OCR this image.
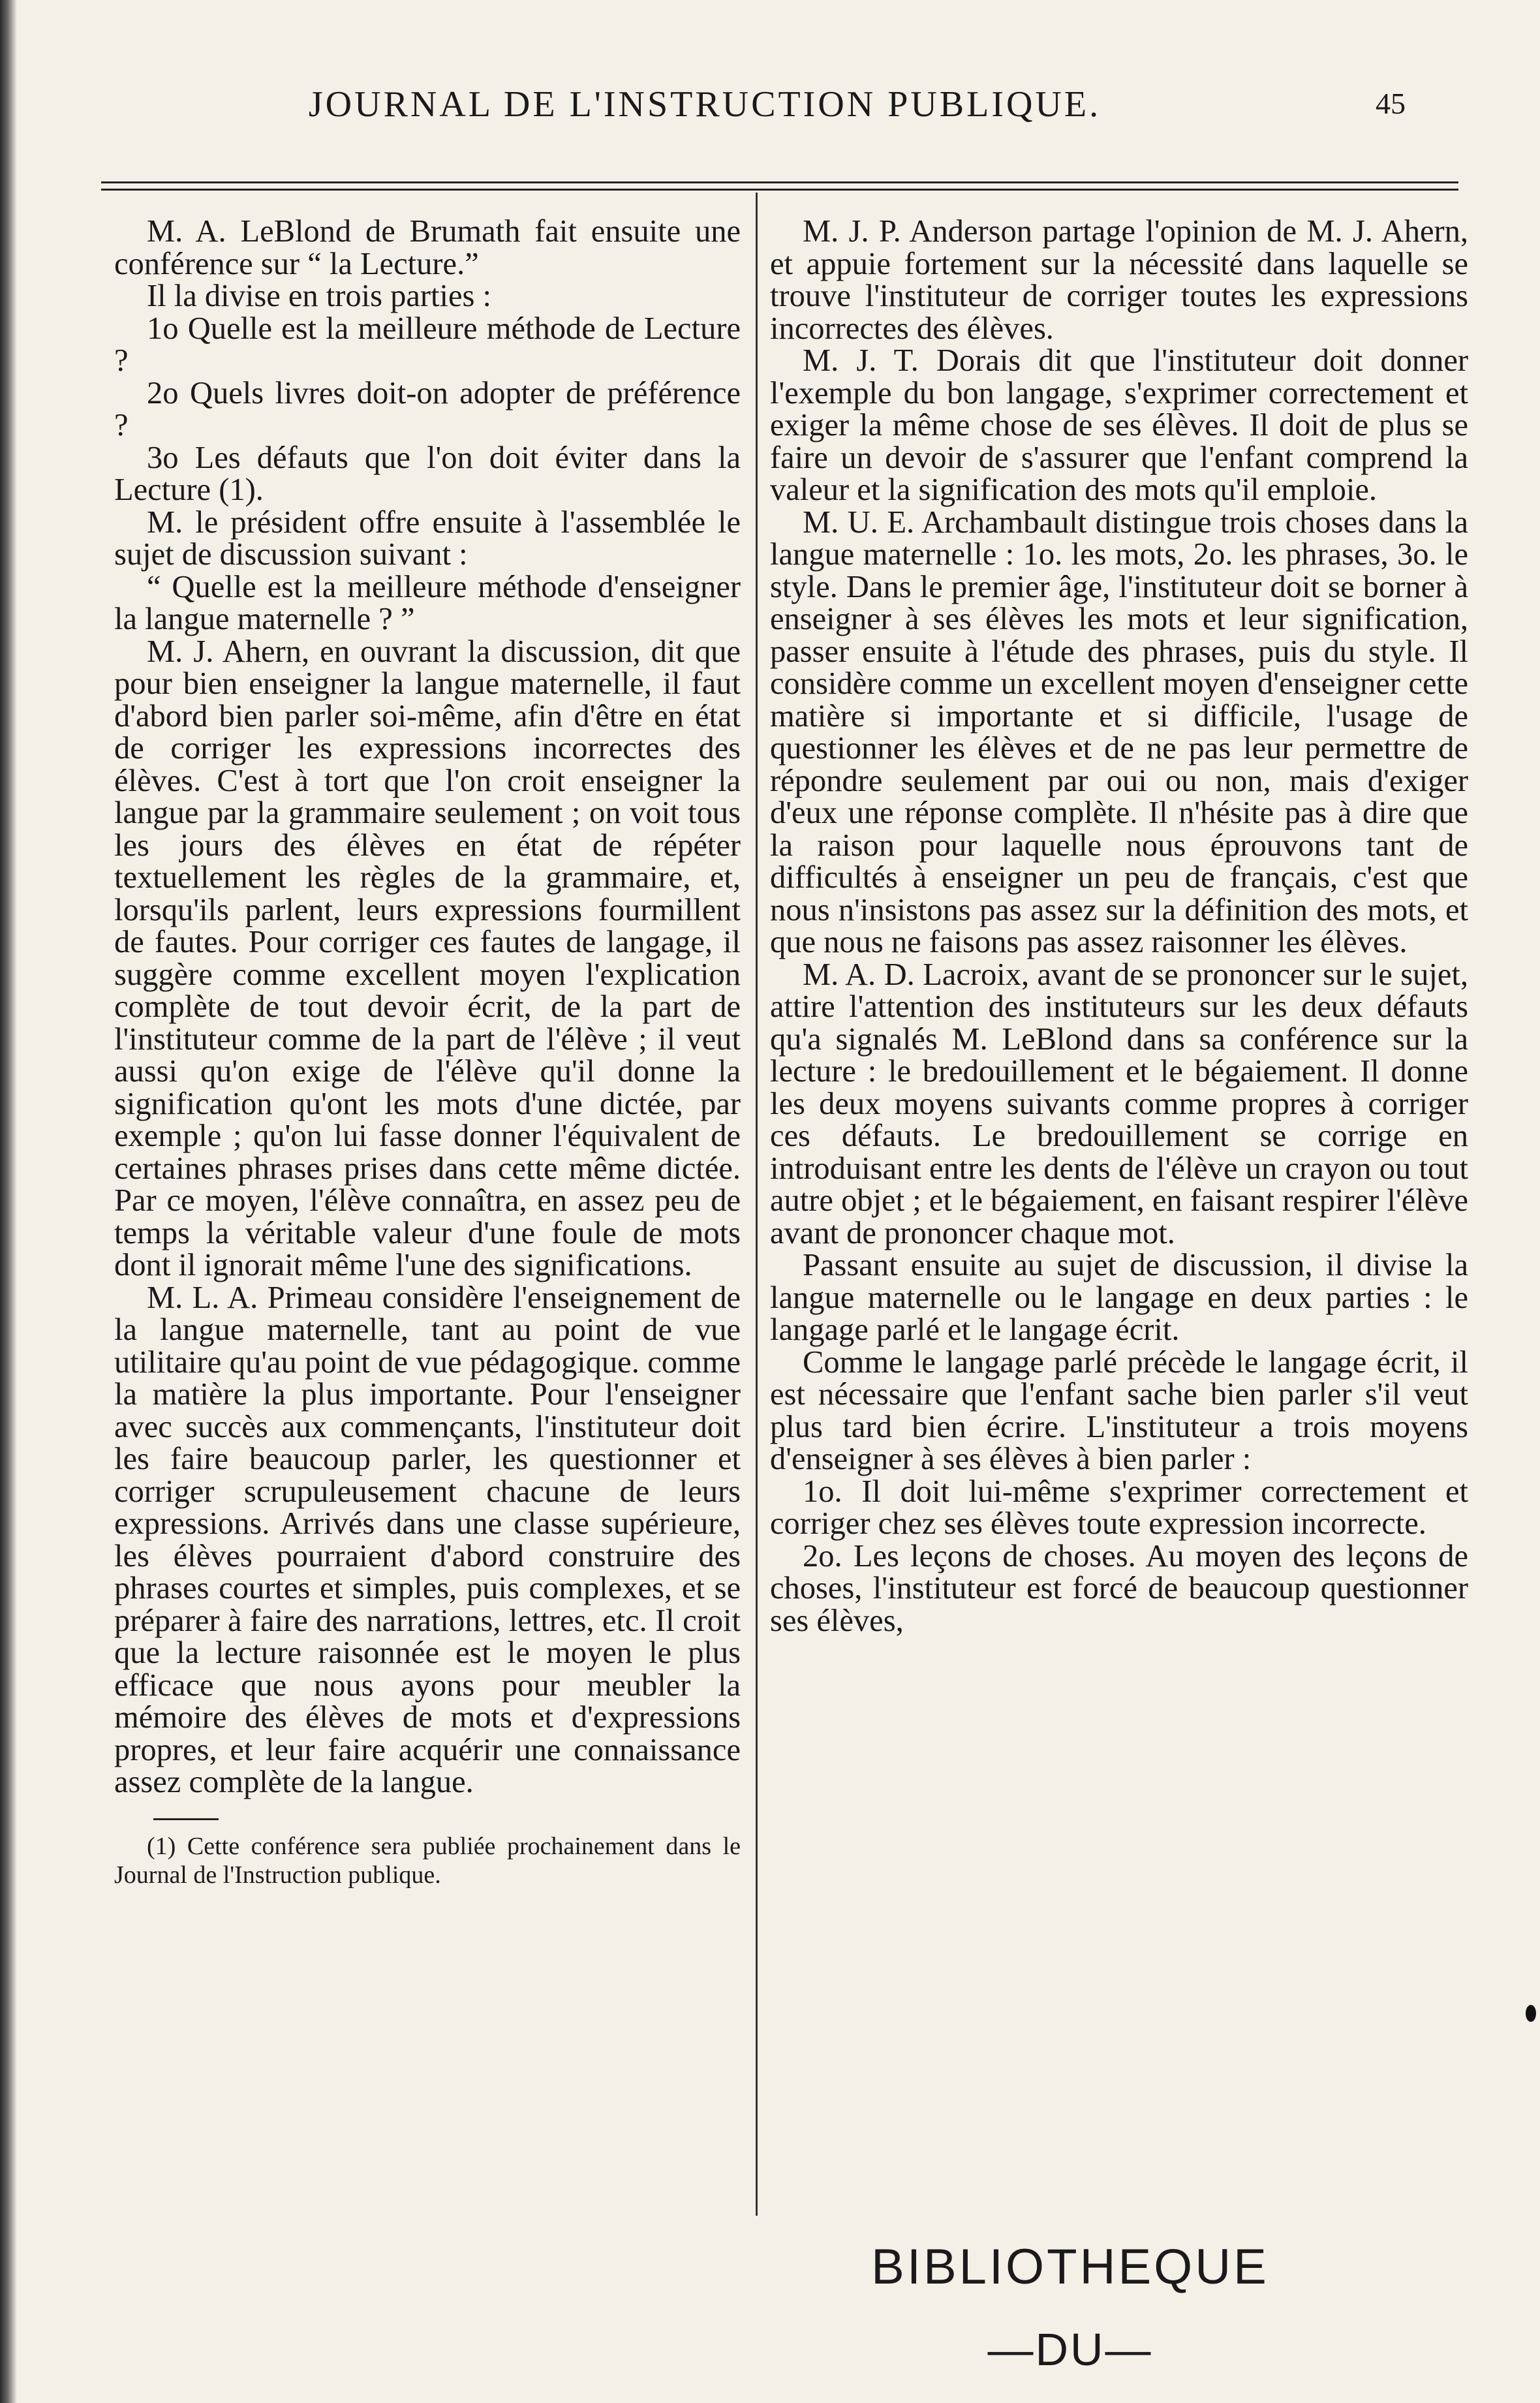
JOURNAL DE L'INSTRUCTION PUBLIQUE.	45

M. A. LeBlond de Brumath fait ensuite une conférence sur “ la Lecture.”

Il la divise en trois parties :

1o Quelle est la meilleure méthode de Lecture ?

2o Quels livres doit-on adopter de préférence ?

3o Les défauts que l'on doit éviter dans la Lecture (1).

M. le président offre ensuite à l'assemblée le sujet de discussion suivant :

“ Quelle est la meilleure méthode d'enseigner la langue maternelle ? ”

M. J. Ahern, en ouvrant la discussion, dit que pour bien enseigner la langue maternelle, il faut d'abord bien parler soi-même, afin d'être en état de corriger les expressions incorrectes des élèves. C'est à tort que l'on croit enseigner la langue par la grammaire seulement ; on voit tous les jours des élèves en état de répéter textuellement les règles de la grammaire, et, lorsqu'ils parlent, leurs expressions fourmillent de fautes. Pour corriger ces fautes de langage, il suggère comme excellent moyen l'explication complète de tout devoir écrit, de la part de l'instituteur comme de la part de l'élève ; il veut aussi qu'on exige de l'élève qu'il donne la signification qu'ont les mots d'une dictée, par exemple ; qu'on lui fasse donner l'équivalent de certaines phrases prises dans cette même dictée. Par ce moyen, l'élève connaîtra, en assez peu de temps la véritable valeur d'une foule de mots dont il ignorait même l'une des significations.

M. L. A. Primeau considère l'enseignement de la langue maternelle, tant au point de vue utilitaire qu'au point de vue pédagogique. comme la matière la plus importante. Pour l'enseigner avec succès aux commençants, l'instituteur doit les faire beaucoup parler, les questionner et corriger scrupuleusement chacune de leurs expressions. Arrivés dans une classe supérieure, les élèves pourraient d'abord construire des phrases courtes et simples, puis complexes, et se préparer à faire des narrations, lettres, etc. Il croit que la lecture raisonnée est le moyen le plus efficace que nous ayons pour meubler la mémoire des élèves de mots et d'expressions propres, et leur faire acquérir une connaissance assez complète de la langue.

(1) Cette conférence sera publiée prochainement dans le Journal de l'Instruction publique.

M. J. P. Anderson partage l'opinion de M. J. Ahern, et appuie fortement sur la nécessité dans laquelle se trouve l'instituteur de corriger toutes les expressions incorrectes des élèves.

M. J. T. Dorais dit que l'instituteur doit donner l'exemple du bon langage, s'exprimer correctement et exiger la même chose de ses élèves. Il doit de plus se faire un devoir de s'assurer que l'enfant comprend la valeur et la signification des mots qu'il emploie.

M. U. E. Archambault distingue trois choses dans la langue maternelle : 1o. les mots, 2o. les phrases, 3o. le style. Dans le premier âge, l'instituteur doit se borner à enseigner à ses élèves les mots et leur signification, passer ensuite à l'étude des phrases, puis du style. Il considère comme un excellent moyen d'enseigner cette matière si importante et si difficile, l'usage de questionner les élèves et de ne pas leur permettre de répondre seulement par oui ou non, mais d'exiger d'eux une réponse complète. Il n'hésite pas à dire que la raison pour laquelle nous éprouvons tant de difficultés à enseigner un peu de français, c'est que nous n'insistons pas assez sur la définition des mots, et que nous ne faisons pas assez raisonner les élèves.

M. A. D. Lacroix, avant de se prononcer sur le sujet, attire l'attention des instituteurs sur les deux défauts qu'a signalés M. LeBlond dans sa conférence sur la lecture : le bredouillement et le bégaiement. Il donne les deux moyens suivants comme propres à corriger ces défauts. Le bredouillement se corrige en introduisant entre les dents de l'élève un crayon ou tout autre objet ; et le bégaiement, en faisant respirer l'élève avant de prononcer chaque mot.

Passant ensuite au sujet de discussion, il divise la langue maternelle ou le langage en deux parties : le langage parlé et le langage écrit.

Comme le langage parlé précède le langage écrit, il est nécessaire que l'enfant sache bien parler s'il veut plus tard bien écrire. L'instituteur a trois moyens d'enseigner à ses élèves à bien parler :

1o. Il doit lui-même s'exprimer correctement et corriger chez ses élèves toute expression incorrecte.

2o. Les leçons de choses. Au moyen des leçons de choses, l'instituteur est forcé de beaucoup questionner ses élèves,

BIBLIOTHEQUE
—DU—
